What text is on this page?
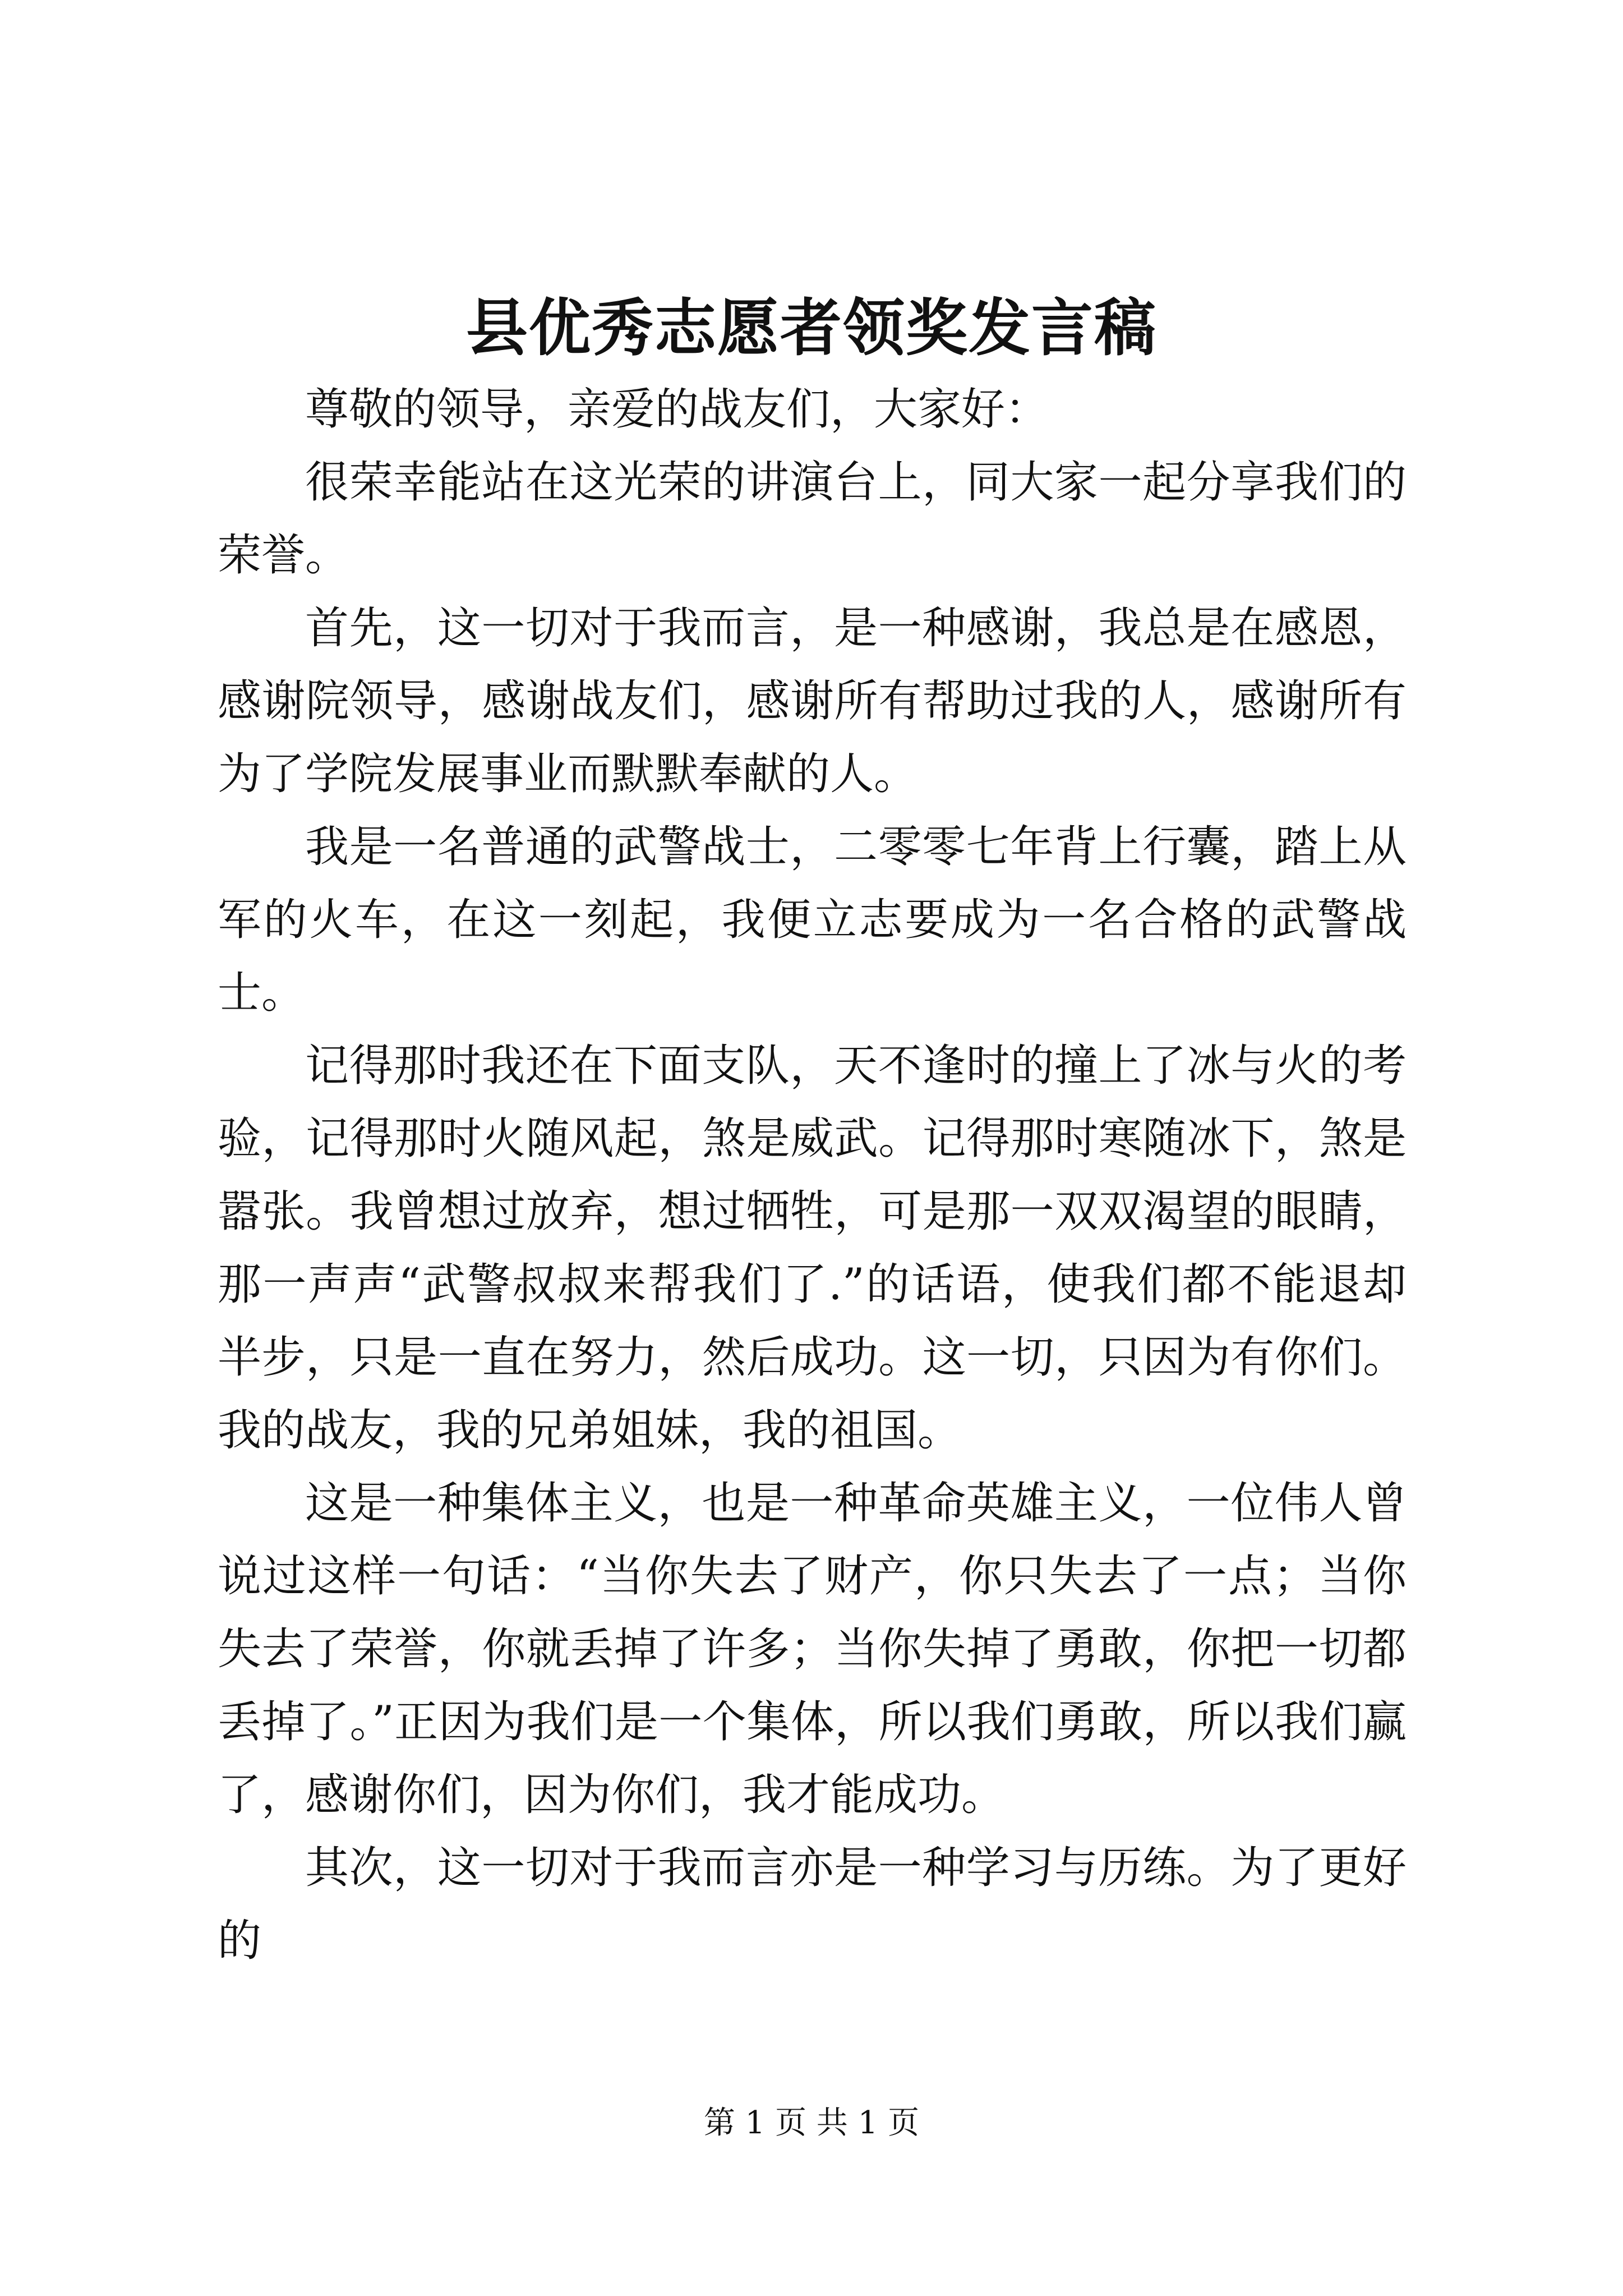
县优秀志愿者领奖发言稿

尊敬的领导，亲爱的战友们，大家好：

很荣幸能站在这光荣的讲演台上，同大家一起分享我们的荣誉。

首先，这一切对于我而言，是一种感谢，我总是在感恩，感谢院领导，感谢战友们，感谢所有帮助过我的人，感谢所有为了学院发展事业而默默奉献的人。

我是一名普通的武警战士，二零零七年背上行囊，踏上从军的火车，在这一刻起，我便立志要成为一名合格的武警战士。

记得那时我还在下面支队，天不逢时的撞上了冰与火的考验，记得那时火随风起，煞是威武。记得那时寒随冰下，煞是嚣张。我曾想过放弃，想过牺牲，可是那一双双渴望的眼睛，那一声声“武警叔叔来帮我们了.”的话语，使我们都不能退却半步，只是一直在努力，然后成功。这一切，只因为有你们。我的战友，我的兄弟姐妹，我的祖国。

这是一种集体主义，也是一种革命英雄主义，一位伟人曾说过这样一句话：“当你失去了财产，你只失去了一点；当你失去了荣誉，你就丢掉了许多；当你失掉了勇敢，你把一切都丢掉了。”正因为我们是一个集体，所以我们勇敢，所以我们赢了，感谢你们，因为你们，我才能成功。

其次，这一切对于我而言亦是一种学习与历练。为了更好的

第 1 页 共 1 页
